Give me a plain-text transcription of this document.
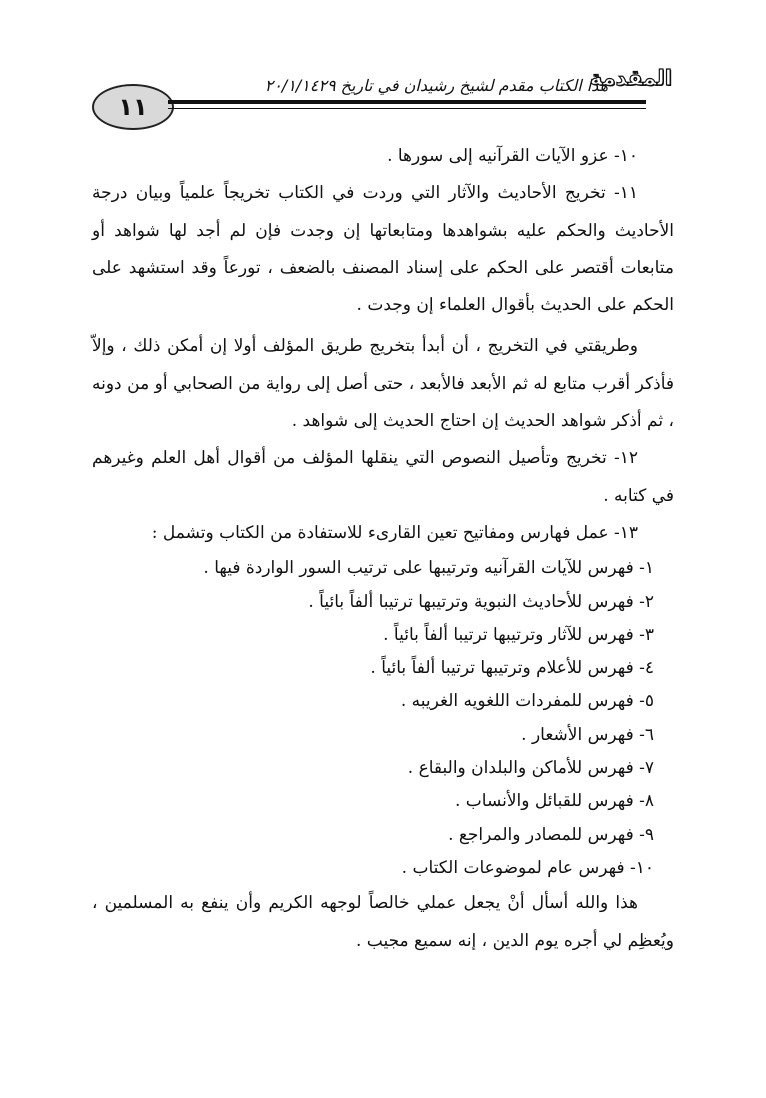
١١
هذا الكتاب مقدم لشيخ رشيدان في تاريخ ٢٠/١/١٤٢٩
المقدمة

١٠- عزو الآيات القرآنيه إلى سورها .

١١- تخريج الأحاديث والآثار التي وردت في الكتاب تخريجاً علمياً وبيان درجة الأحاديث والحكم عليه بشواهدها ومتابعاتها إن وجدت فإن لم أجد لها شواهد أو متابعات أقتصر على الحكم على إسناد المصنف بالضعف ، تورعاً وقد استشهد على الحكم على الحديث بأقوال العلماء إن وجدت .

وطريقتي في التخريج ، أن أبدأ بتخريج طريق المؤلف أولا إن أمكن ذلك ، وإلاّ فأذكر أقرب متابع له ثم الأبعد فالأبعد ، حتى أصل إلى رواية من الصحابي أو من دونه ، ثم أذكر شواهد الحديث إن احتاج الحديث إلى شواهد .

١٢- تخريج وتأصيل النصوص التي ينقلها المؤلف من أقوال أهل العلم وغيرهم في كتابه .

١٣- عمل فهارس ومفاتيح تعين القارىء للاستفادة من الكتاب وتشمل :

١- فهرس للآيات القرآنيه وترتيبها على ترتيب السور الواردة فيها .
٢- فهرس للأحاديث النبوية وترتيبها ترتيبا ألفاً بائياً .
٣- فهرس للآثار وترتيبها ترتيبا ألفاً بائياً .
٤- فهرس للأعلام وترتيبها ترتيبا ألفاً بائياً .
٥- فهرس للمفردات اللغويه الغريبه .
٦- فهرس الأشعار .
٧- فهرس للأماكن والبلدان والبقاع .
٨- فهرس للقبائل والأنساب .
٩- فهرس للمصادر والمراجع .
١٠- فهرس عام لموضوعات الكتاب .

هذا والله أسأل أنْ يجعل عملي خالصاً لوجهه الكريم وأن ينفع به المسلمين ، ويُعظِم لي أجره يوم الدين ، إنه سميع مجيب .
